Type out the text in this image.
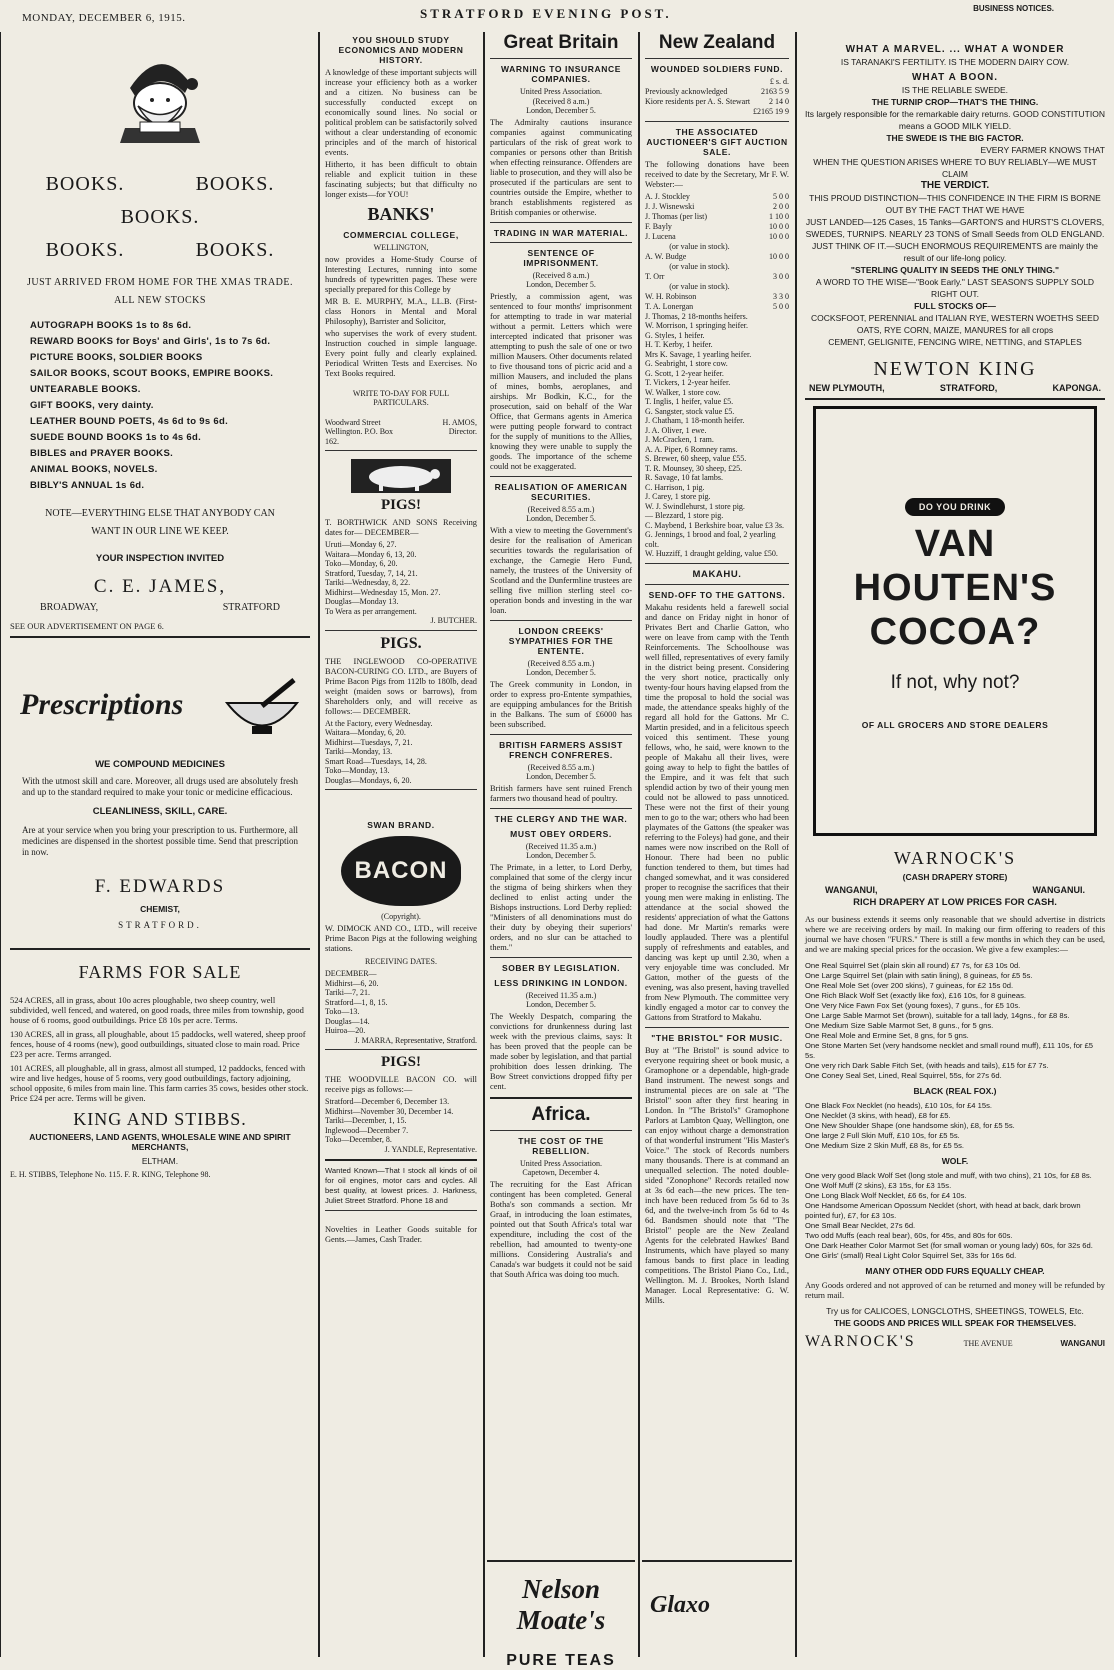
MONDAY, DECEMBER 6, 1915.	STRATFORD EVENING POST.	BUSINESS NOTICES.
BOOKS.	BOOKS.
BOOKS.
BOOKS.	BOOKS.
JUST ARRIVED FROM HOME FOR THE XMAS TRADE. ALL NEW STOCKS
AUTOGRAPH BOOKS 1s to 8s 6d.
REWARD BOOKS for Boys' and Girls', 1s to 7s 6d.
PICTURE BOOKS, SOLDIER BOOKS
SAILOR BOOKS, SCOUT BOOKS, EMPIRE BOOKS.
UNTEARABLE BOOKS.
GIFT BOOKS, very dainty.
LEATHER BOUND POETS, 4s 6d to 9s 6d.
SUEDE BOUND BOOKS 1s to 4s 6d.
BIBLES and PRAYER BOOKS.
ANIMAL BOOKS, NOVELS.
BIBLY'S ANNUAL 1s 6d.
NOTE—EVERYTHING ELSE THAT ANYBODY CAN WANT IN OUR LINE WE KEEP.
YOUR INSPECTION INVITED
C. E. JAMES,
BROADWAY,	STRATFORD
SEE OUR ADVERTISEMENT ON PAGE 6.
Prescriptions
WE COMPOUND MEDICINES
With the utmost skill and care. Moreover, all drugs used are absolutely fresh and up to the standard required to make your tonic or medicine efficacious.
CLEANLINESS, SKILL, CARE.
Are at your service when you bring your prescription to us. Furthermore, all medicines are dispensed in the shortest possible time. Send that prescription in now.
F. EDWARDS
CHEMIST,
STRATFORD.
FARMS FOR SALE

524 ACRES, all in grass, about 10o acres ploughable, two sheep country, well subdivided, well fenced, and watered, on good roads, three miles from township, good house of 6 rooms, good outbuildings. Price £8 10s per acre. Terms.

130 ACRES, all in grass, all ploughable, about 15 paddocks, well watered, sheep proof fences, house of 4 rooms (new), good outbuildings, situated close to main road. Price £23 per acre. Terms arranged.

101 ACRES, all ploughable, all in grass, almost all stumped, 12 paddocks, fenced with wire and live hedges, house of 5 rooms, very good outbuildings, factory adjoining, school opposite, 6 miles from main line. This farm carries 35 cows, besides other stock. Price £24 per acre. Terms will be given.

KING AND STIBBS.
AUCTIONEERS, LAND AGENTS, WHOLESALE WINE AND SPIRIT MERCHANTS,
ELTHAM.
E. H. STIBBS, Telephone No. 115. F. R. KING, Telephone 98.
YOU SHOULD STUDY ECONOMICS AND MODERN HISTORY.
A knowledge of these important subjects will increase your efficiency both as a worker and a citizen. No business can be successfully conducted except on economically sound lines. No social or political problem can be satisfactorily solved without a clear understanding of economic principles and of the march of historical events.
Hitherto, it has been difficult to obtain reliable and explicit tuition in these fascinating subjects; but that difficulty no longer exists—for YOU!
BANKS'
COMMERCIAL COLLEGE,
WELLINGTON,
now provides a Home-Study Course of Interesting Lectures, running into some hundreds of typewritten pages. These were specially prepared for this College by
MR B. E. MURPHY, M.A., LL.B. (First-class Honors in Mental and Moral Philosophy), Barrister and Solicitor,
who supervises the work of every student. Instruction couched in simple language. Every point fully and clearly explained. Periodical Written Tests and Exercises. No Text Books required.
WRITE TO-DAY FOR FULL PARTICULARS.
Woodward Street Wellington. P.O. Box 162.
H. AMOS, Director.
PIGS!
T. BORTHWICK AND SONS Receiving dates for— DECEMBER—
Uruti—Monday 6, 27.
Waitara—Monday 6, 13, 20.
Toko—Monday, 6, 20.
Stratford, Tuesday, 7, 14, 21.
Tariki—Wednesday, 8, 22.
Midhirst—Wednesday 15, Mon. 27.
Douglas—Monday 13.
To Wera as per arrangement.
J. BUTCHER.
PIGS.
THE INGLEWOOD CO-OPERATIVE BACON-CURING CO. LTD., are Buyers of Prime Bacon Pigs from 112lb to 180lb, dead weight (maiden sows or barrows), from Shareholders only, and will receive as follows:— DECEMBER.
At the Factory, every Wednesday.
Waitara—Monday, 6, 20.
Midhirst—Tuesdays, 7, 21.
Tariki—Monday, 13.
Smart Road—Tuesdays, 14, 28.
Toko—Monday, 13.
Douglas—Mondays, 6, 20.
SWAN BRAND.
BACON
(Copyright).
W. DIMOCK AND CO., LTD., will receive Prime Bacon Pigs at the following weighing stations.
RECEIVING DATES.
DECEMBER—
Midhirst—6, 20.
Tariki—7, 21.
Stratford—1, 8, 15.
Toko—13.
Douglas—14.
Huiroa—20.
J. MARRA, Representative, Stratford.
PIGS!
THE WOODVILLE BACON CO. will receive pigs as follows:—
Stratford—December 6, December 13.
Midhirst—November 30, December 14.
Tariki—December, 1, 15.
Inglewood—December 7.
Toko—December, 8.
J. YANDLE, Representative.
Wanted Known—That I stock all kinds of oil for oil engines, motor cars and cycles. All best quality, at lowest prices. J. Harkness, Juliet Street Stratford. Phone 18 and
Novelties in Leather Goods suitable for Gents.—James, Cash Trader.
Great Britain
WARNING TO INSURANCE COMPANIES.
United Press Association.
(Received 8 a.m.)
London, December 5.
The Admiralty cautions insurance companies against communicating particulars of the risk of great work to companies or persons other than British when effecting reinsurance. Offenders are liable to prosecution, and they will also be prosecuted if the particulars are sent to countries outside the Empire, whether to branch establishments registered as British companies or otherwise.
TRADING IN WAR MATERIAL.
SENTENCE OF IMPRISONMENT.
(Received 8 a.m.)
London, December 5.
Priestly, a commission agent, was sentenced to four months' imprisonment for attempting to trade in war material without a permit. Letters which were intercepted indicated that prisoner was attempting to push the sale of one or two million Mausers. Other documents related to five thousand tons of picric acid and a million Mausers, and included the plans of mines, bombs, aeroplanes, and airships. Mr Bodkin, K.C., for the prosecution, said on behalf of the War Office, that Germans agents in America were putting people forward to contract for the supply of munitions to the Allies, knowing they were unable to supply the goods. The importance of the scheme could not be exaggerated.
REALISATION OF AMERICAN SECURITIES.
(Received 8.55 a.m.)
London, December 5.
With a view to meeting the Government's desire for the realisation of American securities towards the regularisation of exchange, the Carnegie Hero Fund, namely, the trustees of the University of Scotland and the Dunfermline trustees are selling five million sterling steel co-operation bonds and investing in the war loan.
LONDON CREEKS' SYMPATHIES FOR THE ENTENTE.
(Received 8.55 a.m.)
London, December 5.
The Greek community in London, in order to express pro-Entente sympathies, are equipping ambulances for the British in the Balkans. The sum of £6000 has been subscribed.
BRITISH FARMERS ASSIST FRENCH CONFRERES.
(Received 8.55 a.m.)
London, December 5.
British farmers have sent ruined French farmers two thousand head of poultry.
THE CLERGY AND THE WAR.
MUST OBEY ORDERS.
(Received 11.35 a.m.)
London, December 5.
The Primate, in a letter, to Lord Derby, complained that some of the clergy incur the stigma of being shirkers when they declined to enlist acting under the Bishops instructions. Lord Derby replied: "Ministers of all denominations must do their duty by obeying their superiors' orders, and no slur can be attached to them."
SOBER BY LEGISLATION.
LESS DRINKING IN LONDON.
(Received 11.35 a.m.)
London, December 5.
The Weekly Despatch, comparing the convictions for drunkenness during last week with the previous claims, says: It has been proved that the people can be made sober by legislation, and that partial prohibition does lessen drinking. The Bow Street convictions dropped fifty per cent.
Africa.
THE COST OF THE REBELLION.
United Press Association.
Capetown, December 4.
The recruiting for the East African contingent has been completed. General Botha's son commands a section. Mr Graaf, in introducing the loan estimates, pointed out that South Africa's total war expenditure, including the cost of the rebellion, had amounted to twenty-one millions. Considering Australia's and Canada's war budgets it could not be said that South Africa was doing too much.
New Zealand
WOUNDED SOLDIERS FUND.
£ s. d.
Previously acknowledged	2163 5 9
Kiore residents per A. S. Stewart	2 14 0
	£2165 19 9
THE ASSOCIATED AUCTIONEER'S GIFT AUCTION SALE.
The following donations have been received to date by the Secretary, Mr F. W. Webster:—
A. J. Stockley	5 0 0
J. J. Wisnewski	2 0 0
J. Thomas (per list)	1 10 0
F. Bayly	10 0 0
J. Lucena	10 0 0
(or value in stock).	
A. W. Budge	10 0 0
(or value in stock).	
T. Orr	3 0 0
(or value in stock).	
W. H. Robinson	3 3 0
T. A. Lonergan	5 0 0
J. Thomas, 2 18-months heifers.
W. Morrison, 1 springing heifer.
G. Styles, 1 heifer.
H. T. Kerby, 1 heifer.
Mrs K. Savage, 1 yearling heifer.
G. Seabright, 1 store cow.
G. Scott, 1 2-year heifer.
T. Vickers, 1 2-year heifer.
W. Walker, 1 store cow.
T. Inglis, 1 heifer, value £5.
G. Sangster, stock value £5.
J. Chatham, 1 18-month heifer.
J. A. Oliver, 1 ewe.
J. McCracken, 1 ram.
A. A. Piper, 6 Romney rams.
S. Brewer, 60 sheep, value £55.
T. R. Mounsey, 30 sheep, £25.
R. Savage, 10 fat lambs.
C. Harrison, 1 pig.
J. Carey, 1 store pig.
W. J. Swindlehurst, 1 store pig.
— Blezzard, 1 store pig.
C. Maybend, 1 Berkshire boar, value £3 3s.
G. Jennings, 1 brood and foal, 2 yearling colt.
W. Huzziff, 1 draught gelding, value £50.
MAKAHU.
SEND-OFF TO THE GATTONS.
Makahu residents held a farewell social and dance on Friday night in honor of Privates Bert and Charlie Gatton, who were on leave from camp with the Tenth Reinforcements. The Schoolhouse was well filled, representatives of every family in the district being present. Considering the very short notice, practically only twenty-four hours having elapsed from the time the proposal to hold the social was made, the attendance speaks highly of the regard all hold for the Gattons. Mr C. Martin presided, and in a felicitous speech voiced this sentiment. These young fellows, who, he said, were known to the people of Makahu all their lives, were going away to help to fight the battles of the Empire, and it was felt that such splendid action by two of their young men could not be allowed to pass unnoticed. These were not the first of their young men to go to the war; others who had been playmates of the Gattons (the speaker was referring to the Foleys) had gone, and their names were now inscribed on the Roll of Honour. There had been no public function tendered to them, but times had changed somewhat, and it was considered proper to recognise the sacrifices that their young men were making in enlisting. The attendance at the social showed the residents' appreciation of what the Gattons had done. Mr Martin's remarks were loudly applauded. There was a plentiful supply of refreshments and eatables, and dancing was kept up until 2.30, when a very enjoyable time was concluded. Mr Gatton, mother of the guests of the evening, was also present, having travelled from New Plymouth. The committee very kindly engaged a motor car to convey the Gattons from Stratford to Makahu.
"THE BRISTOL" FOR MUSIC.
Buy at "The Bristol" is sound advice to everyone requiring sheet or book music, a Gramophone or a dependable, high-grade Band instrument. The newest songs and instrumental pieces are on sale at "The Bristol" soon after they first hearing in London. In "The Bristol's" Gramophone Parlors at Lambton Quay, Wellington, one can enjoy without charge a demonstration of that wonderful instrument "His Master's Voice." The stock of Records numbers many thousands. There is at command an unequalled selection. The noted double-sided "Zonophone" Records retailed now at 3s 6d each—the new prices. The ten-inch have been reduced from 5s 6d to 3s 6d, and the twelve-inch from 5s 6d to 4s 6d. Bandsmen should note that "The Bristol" people are the New Zealand Agents for the celebrated Hawkes' Band Instruments, which have played so many famous bands to first place in leading competitions. The Bristol Piano Co., Ltd., Wellington. M. J. Brookes, North Island Manager. Local Representative: G. W. Mills.
Nelson Moate's
PURE TEAS
Glaxo
WHAT A MARVEL. ... WHAT A WONDER
IS TARANAKI'S FERTILITY. IS THE MODERN DAIRY COW.
WHAT A BOON.
IS THE RELIABLE SWEDE.
THE TURNIP CROP—THAT'S THE THING.
Its largely responsible for the remarkable dairy returns. GOOD CONSTITUTION means a GOOD MILK YIELD.
THE SWEDE IS THE BIG FACTOR.
EVERY FARMER KNOWS THAT
WHEN THE QUESTION ARISES WHERE TO BUY RELIABLY—WE MUST CLAIM
THE VERDICT.
THIS PROUD DISTINCTION—THIS CONFIDENCE IN THE FIRM IS BORNE OUT BY THE FACT THAT WE HAVE
JUST LANDED—125 Cases, 15 Tanks—GARTON'S and HURST'S CLOVERS, SWEDES, TURNIPS. NEARLY 23 TONS of Small Seeds from OLD ENGLAND.
JUST THINK OF IT.—SUCH ENORMOUS REQUIREMENTS are mainly the result of our life-long policy.
"STERLING QUALITY IN SEEDS THE ONLY THING."
A WORD TO THE WISE—"Book Early." LAST SEASON'S SUPPLY SOLD RIGHT OUT.
FULL STOCKS OF—
COCKSFOOT, PERENNIAL and ITALIAN RYE, WESTERN WOETHS SEED OATS, RYE CORN, MAIZE, MANURES for all crops
CEMENT, GELIGNITE, FENCING WIRE, NETTING, and STAPLES
NEWTON KING
NEW PLYMOUTH,	STRATFORD,	KAPONGA.
DO YOU DRINK
VAN
HOUTEN'S
COCOA?
If not, why not?
OF ALL GROCERS AND STORE DEALERS
WARNOCK'S
(CASH DRAPERY STORE)
WANGANUI,	WANGANUI.
RICH DRAPERY AT LOW PRICES FOR CASH.
As our business extends it seems only reasonable that we should advertise in districts where we are receiving orders by mail. In making our firm offering to readers of this journal we have chosen "FURS." There is still a few months in which they can be used, and we are making special prices for the occasion. We give a few examples:—

One Real Squirrel Set (plain skin all round) £7 7s, for £3 10s 0d.

One Large Squirrel Set (plain with satin lining), 8 guineas, for £5 5s.

One Real Mole Set (over 200 skins), 7 guineas, for £2 15s 0d.

One Rich Black Wolf Set (exactly like fox), £16 10s, for 8 guineas.

One Very Nice Fawn Fox Set (young foxes), 7 guns., for £5 10s.

One Large Sable Marmot Set (brown), suitable for a tall lady, 14gns., for £8 8s.

One Medium Size Sable Marmot Set, 8 guns., for 5 gns.

One Real Mole and Ermine Set, 8 gns, for 5 gns.

One Stone Marten Set (very handsome necklet and small round muff), £11 10s, for £5 5s.

One very rich Dark Sable Fitch Set, (with heads and tails), £15 for £7 7s.

One Coney Seal Set, Lined, Real Squirrel, 55s, for 27s 6d.

BLACK (REAL FOX.)

One Black Fox Necklet (no heads), £10 10s, for £4 15s.

One Necklet (3 skins, with head), £8 for £5.

One New Shoulder Shape (one handsome skin), £8, for £5 5s.

One large 2 Full Skin Muff, £10 10s, for £5 5s.

One Medium Size 2 Skin Muff, £8 8s, for £5 5s.

WOLF.

One very good Black Wolf Set (long stole and muff, with two chins), 21 10s, for £8 8s.

One Wolf Muff (2 skins), £3 15s, for £3 15s.

One Long Black Wolf Necklet, £6 6s, for £4 10s.

One Handsome American Opossum Necklet (short, with head at back, dark brown pointed fur), £7, for £3 10s.

One Small Bear Necklet, 27s 6d.

Two odd Muffs (each real bear), 60s, for 45s, and 80s for 60s.

One Dark Heather Color Marmot Set (for small woman or young lady) 60s, for 32s 6d.

One Girls' (small) Real Light Color Squirrel Set, 33s for 16s 6d.

MANY OTHER ODD FURS EQUALLY CHEAP.
Any Goods ordered and not approved of can be returned and money will be refunded by return mail.
Try us for CALICOES, LONGCLOTHS, SHEETINGS, TOWELS, Etc.
THE GOODS AND PRICES WILL SPEAK FOR THEMSELVES.
WARNOCK'S	THE AVENUE	WANGANUI
